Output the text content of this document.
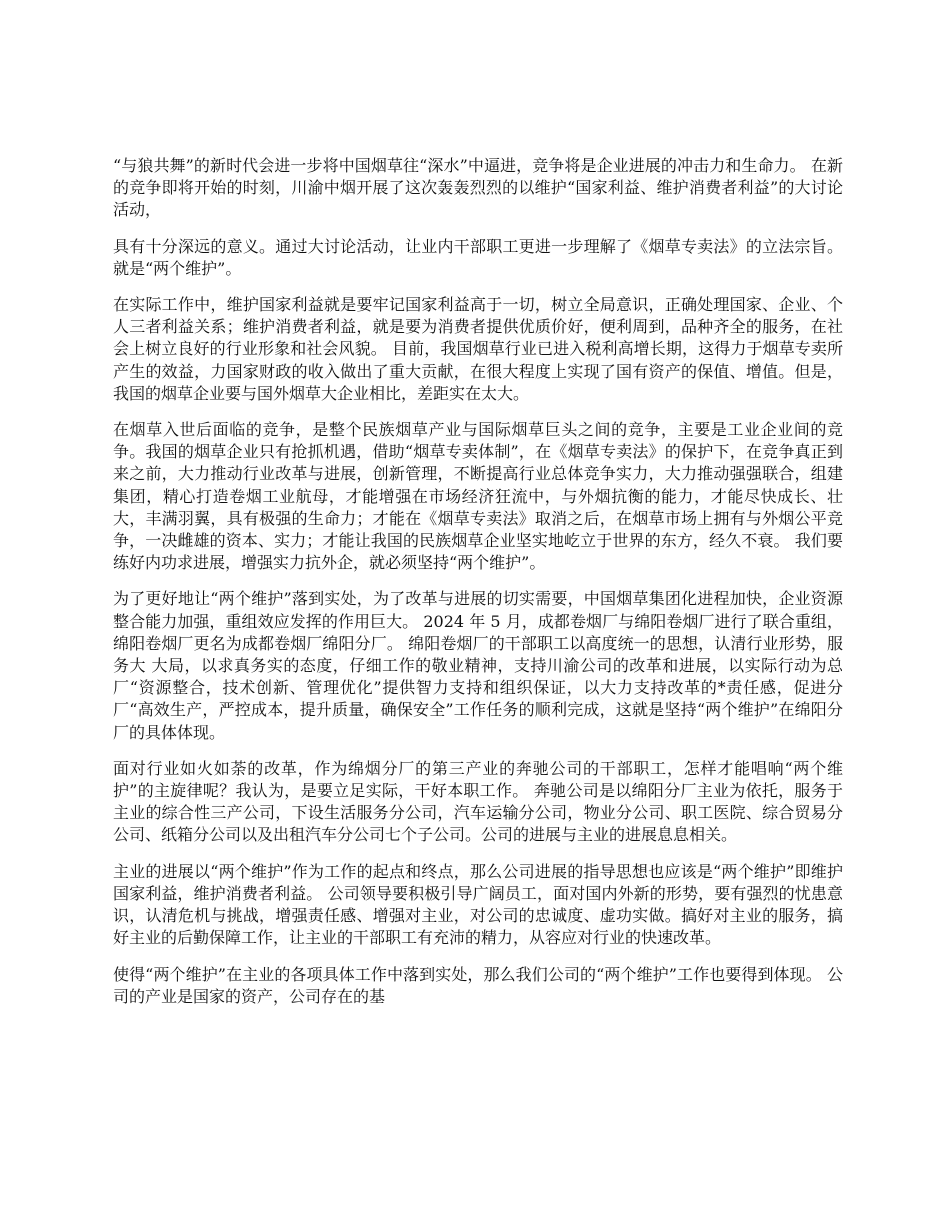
“与狼共舞”的新时代会进一步将中国烟草往“深水”中逼进，竞争将是企业进展的冲击力和生命力。 在新的竞争即将开始的时刻，川渝中烟开展了这次轰轰烈烈的以维护“国家利益、维护消费者利益”的大讨论活动，

具有十分深远的意义。通过大讨论活动，让业内干部职工更进一步理解了《烟草专卖法》的立法宗旨。就是“两个维护”。

在实际工作中，维护国家利益就是要牢记国家利益高于一切，树立全局意识，正确处理国家、企业、个人三者利益关系；维护消费者利益，就是要为消费者提供优质价好，便利周到，品种齐全的服务，在社会上树立良好的行业形象和社会风貌。 目前，我国烟草行业已进入税利高增长期，这得力于烟草专卖所产生的效益，力国家财政的收入做出了重大贡献，在很大程度上实现了国有资产的保值、增值。但是，我国的烟草企业要与国外烟草大企业相比，差距实在太大。

在烟草入世后面临的竞争，是整个民族烟草产业与国际烟草巨头之间的竞争，主要是工业企业间的竞争。我国的烟草企业只有抢抓机遇，借助“烟草专卖体制”，在《烟草专卖法》的保护下，在竞争真正到来之前，大力推动行业改革与进展，创新管理，不断提高行业总体竞争实力，大力推动强强联合，组建集团，精心打造卷烟工业航母，才能增强在市场经济狂流中，与外烟抗衡的能力，才能尽快成长、壮大，丰满羽翼，具有极强的生命力；才能在《烟草专卖法》取消之后，在烟草市场上拥有与外烟公平竞争，一决雌雄的资本、实力；才能让我国的民族烟草企业坚实地屹立于世界的东方，经久不衰。 我们要练好内功求进展，增强实力抗外企，就必须坚持“两个维护”。

为了更好地让“两个维护”落到实处，为了改革与进展的切实需要，中国烟草集团化进程加快，企业资源整合能力加强，重组效应发挥的作用巨大。 2024 年 5 月，成都卷烟厂与绵阳卷烟厂进行了联合重组，绵阳卷烟厂更名为成都卷烟厂绵阳分厂。 绵阳卷烟厂的干部职工以高度统一的思想，认清行业形势，服务大 大局，以求真务实的态度，仔细工作的敬业精神，支持川渝公司的改革和进展，以实际行动为总厂“资源整合，技术创新、管理优化”提供智力支持和组织保证，以大力支持改革的*责任感，促进分厂“高效生产，严控成本，提升质量，确保安全”工作任务的顺利完成，这就是坚持“两个维护”在绵阳分厂的具体体现。

面对行业如火如荼的改革，作为绵烟分厂的第三产业的奔驰公司的干部职工，怎样才能唱响“两个维护”的主旋律呢？我认为，是要立足实际，干好本职工作。 奔驰公司是以绵阳分厂主业为依托，服务于主业的综合性三产公司，下设生活服务分公司，汽车运输分公司，物业分公司、职工医院、综合贸易分公司、纸箱分公司以及出租汽车分公司七个子公司。公司的进展与主业的进展息息相关。

主业的进展以“两个维护”作为工作的起点和终点，那么公司进展的指导思想也应该是“两个维护”即维护国家利益，维护消费者利益。 公司领导要积极引导广阔员工，面对国内外新的形势，要有强烈的忧患意识，认清危机与挑战，增强责任感、增强对主业，对公司的忠诚度、虚功实做。搞好对主业的服务，搞好主业的后勤保障工作，让主业的干部职工有充沛的精力，从容应对行业的快速改革。

使得“两个维护”在主业的各项具体工作中落到实处，那么我们公司的“两个维护”工作也要得到体现。 公司的产业是国家的资产，公司存在的基
